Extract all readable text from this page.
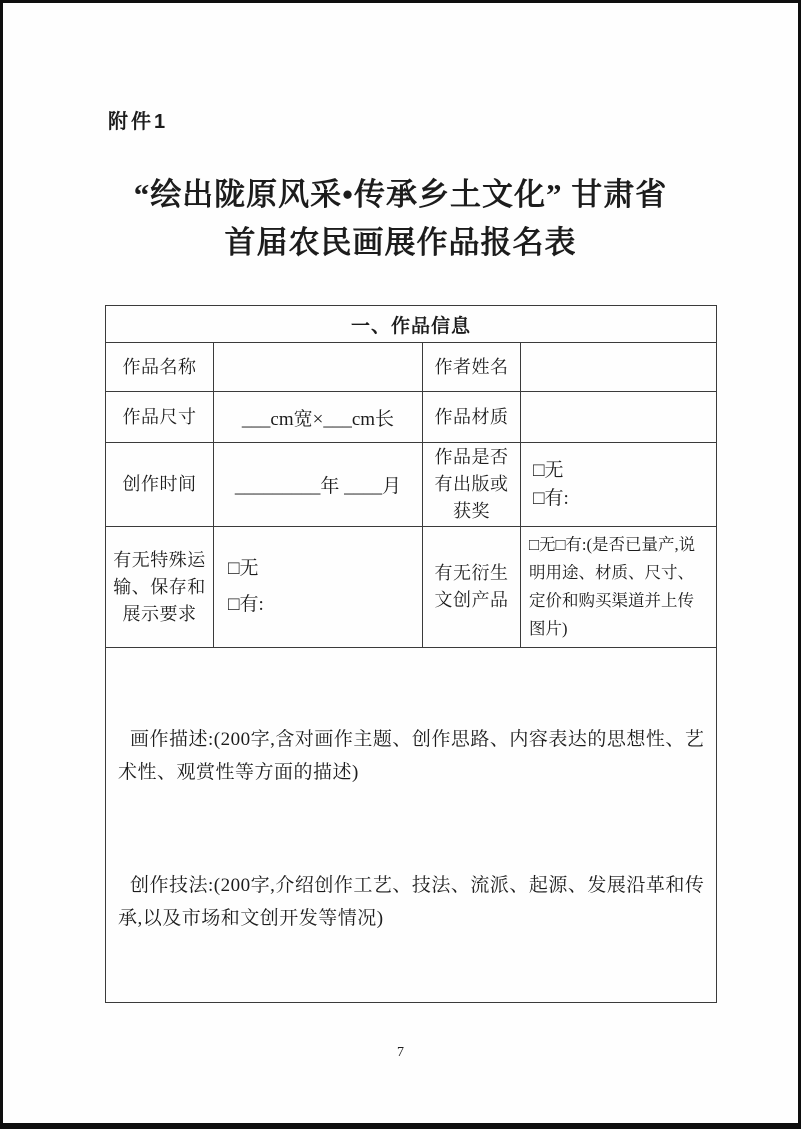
附件1
“绘出陇原风采•传承乡土文化” 甘肃省
首届农民画展作品报名表
一、作品信息			
作品名称		作者姓名	
作品尺寸	___cm宽×___cm长	作品材质	
创作时间	_________年 ____月	作品是否有出版或获奖	□无
□有:

有无特殊运输、保存和展示要求	□无
□有:	有无衍生文创产品	□无□有:(是否已量产,说明用途、材质、尺寸、定价和购买渠道并上传图片)

画作描述:(200字,含对画作主题、创作思路、内容表达的思想性、艺术性、观赏性等方面的描述)
创作技法:(200字,介绍创作工艺、技法、流派、起源、发展沿革和传承,以及市场和文创开发等情况)			
7
